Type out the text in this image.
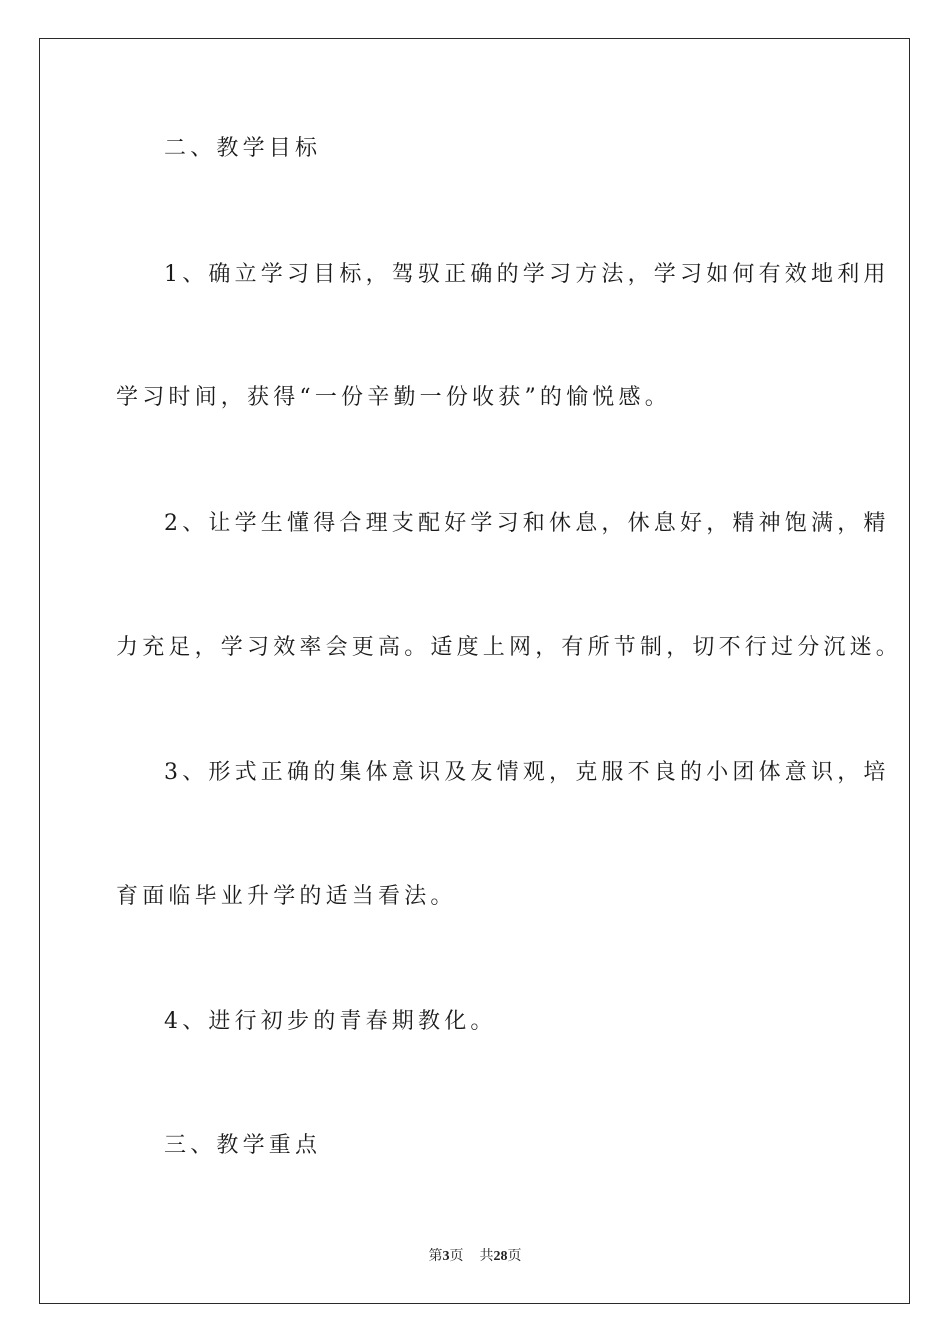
二、教学目标
1、确立学习目标，驾驭正确的学习方法，学习如何有效地利用
学习时间，获得“一份辛勤一份收获”的愉悦感。
2、让学生懂得合理支配好学习和休息，休息好，精神饱满，精
力充足，学习效率会更高。适度上网，有所节制，切不行过分沉迷。
3、形式正确的集体意识及友情观，克服不良的小团体意识，培
育面临毕业升学的适当看法。
4、进行初步的青春期教化。
三、教学重点
第3页 共28页
